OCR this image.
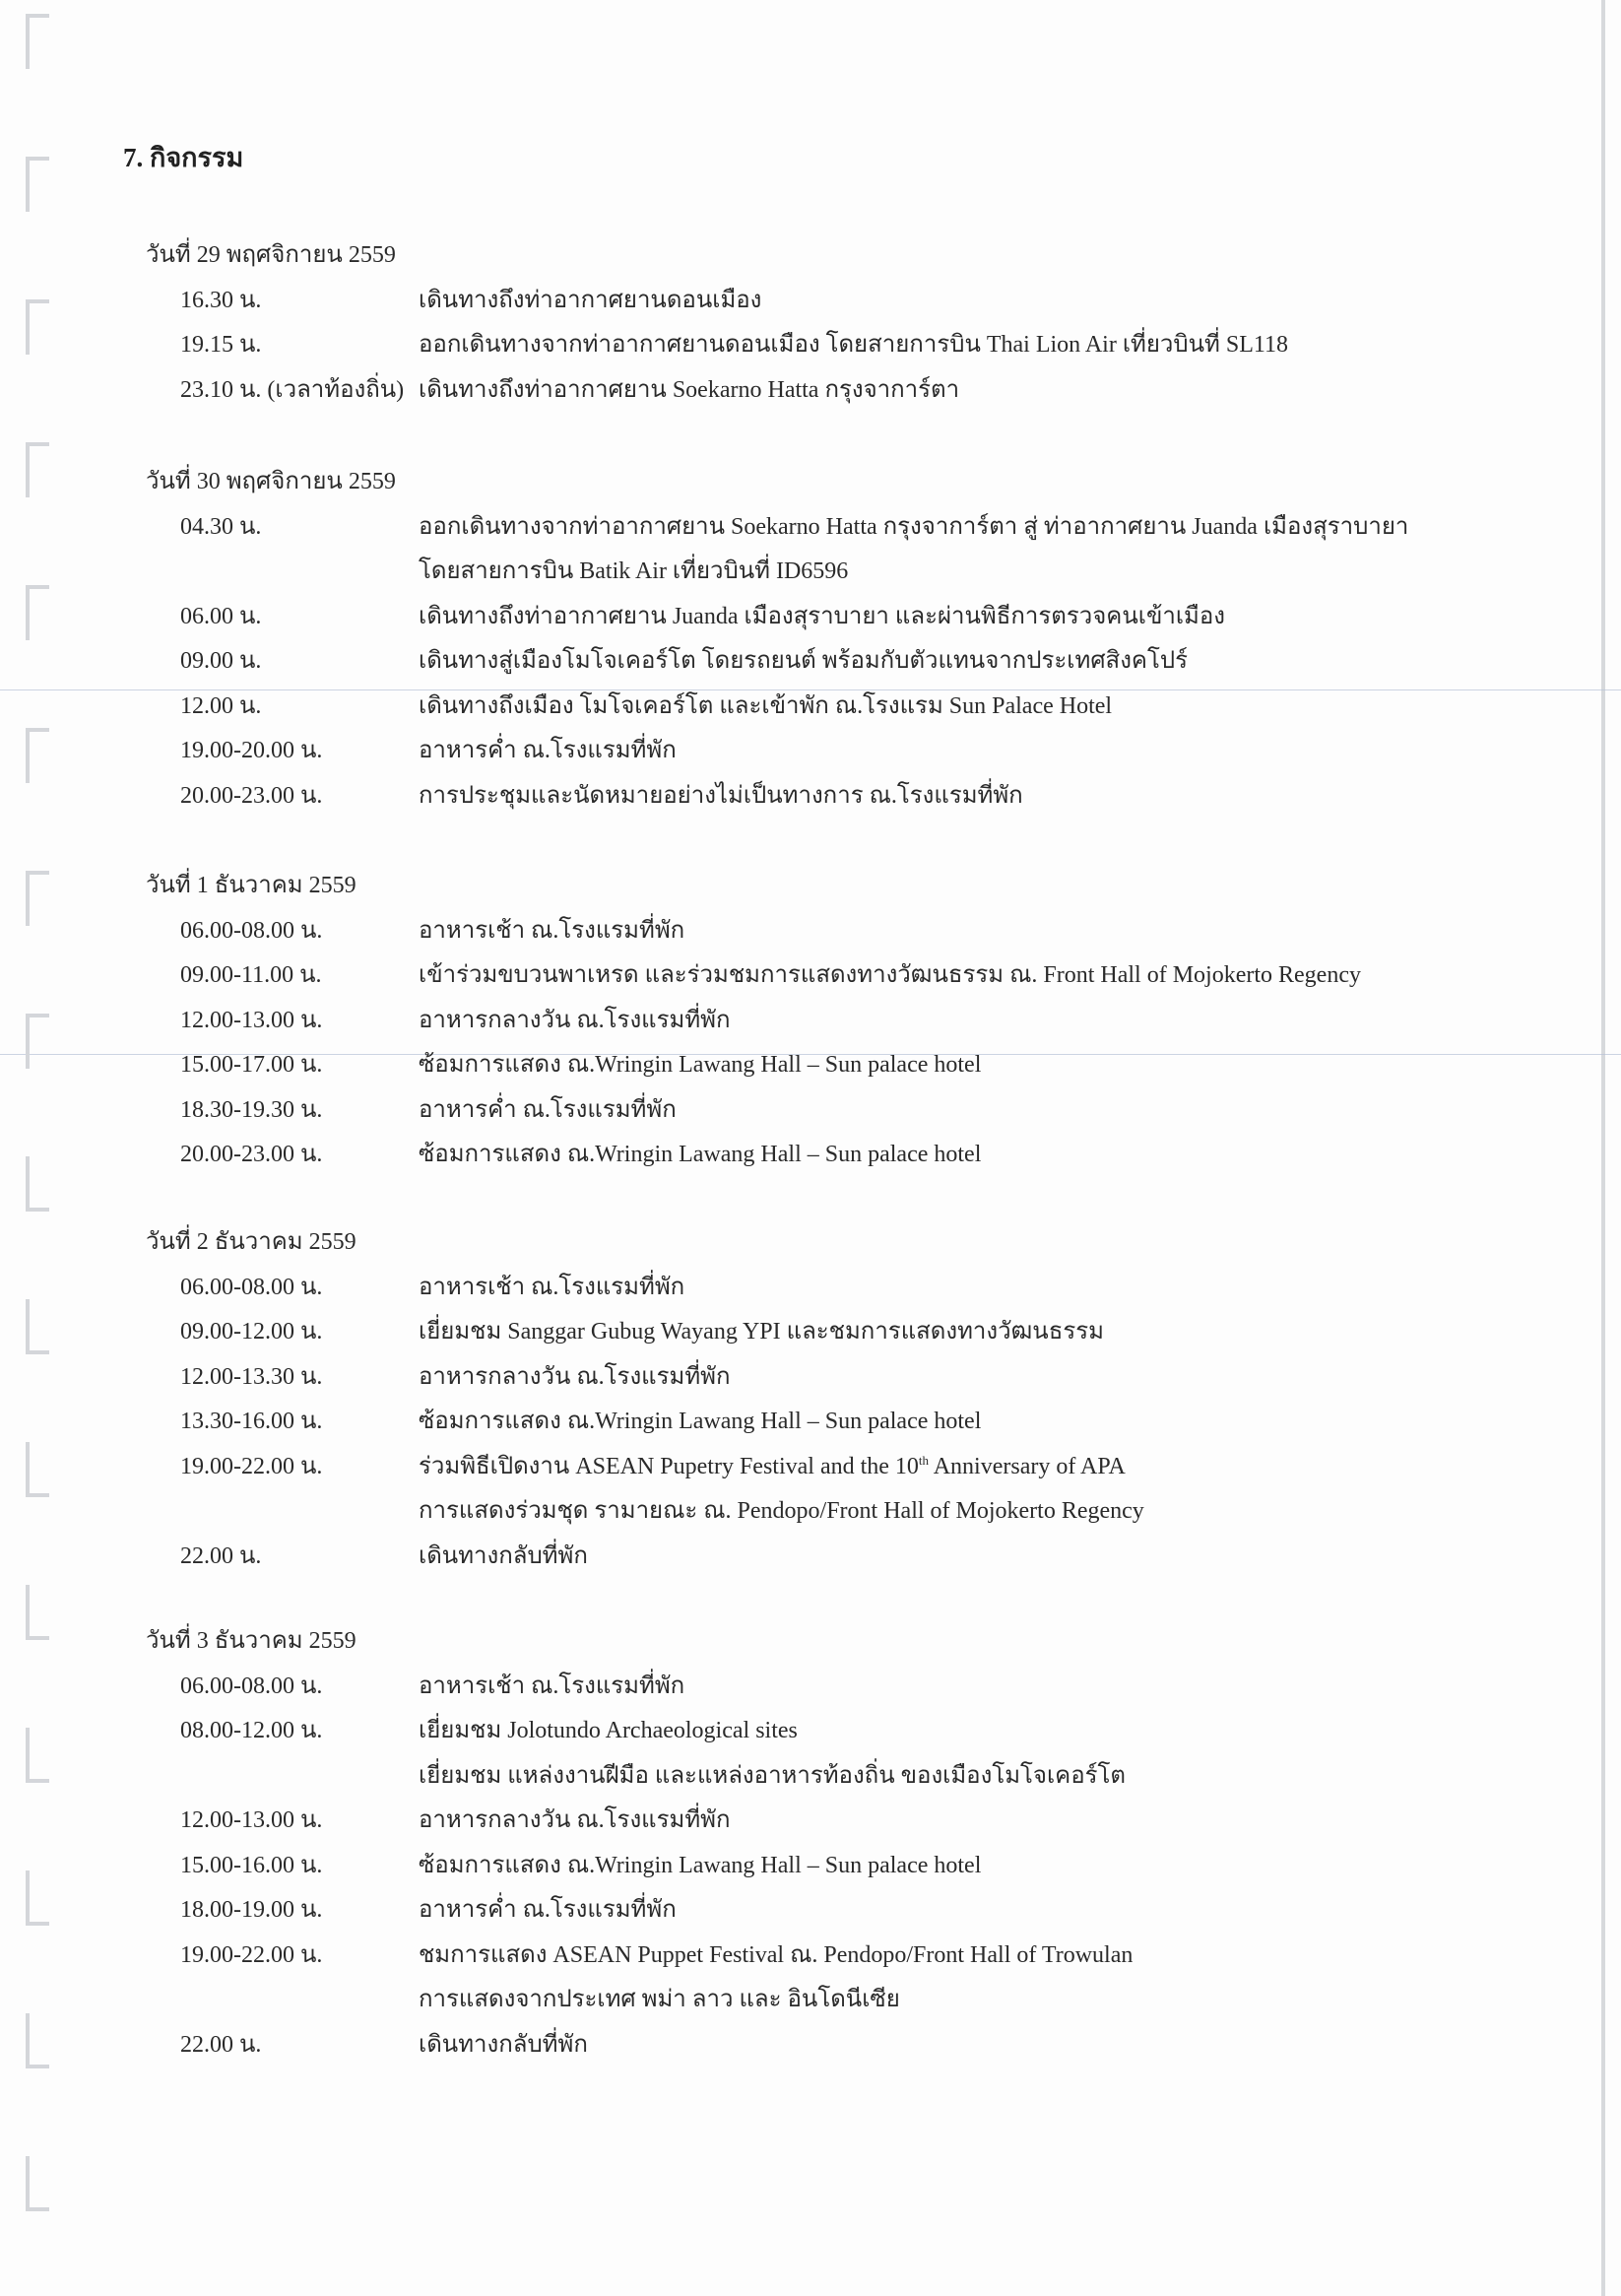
7. กิจกรรม
วันที่ 29 พฤศจิกายน 2559
16.30 น.	เดินทางถึงท่าอากาศยานดอนเมือง
19.15 น.	ออกเดินทางจากท่าอากาศยานดอนเมือง โดยสายการบิน Thai Lion Air เที่ยวบินที่ SL118
23.10 น. (เวลาท้องถิ่น) เดินทางถึงท่าอากาศยาน Soekarno Hatta กรุงจาการ์ตา
วันที่ 30 พฤศจิกายน 2559
04.30 น.	ออกเดินทางจากท่าอากาศยาน Soekarno Hatta กรุงจาการ์ตา สู่ ท่าอากาศยาน Juanda เมืองสุราบายา
โดยสายการบิน Batik Air เที่ยวบินที่ ID6596
06.00 น.	เดินทางถึงท่าอากาศยาน Juanda เมืองสุราบายา และผ่านพิธีการตรวจคนเข้าเมือง
09.00 น.	เดินทางสู่เมืองโมโจเคอร์โต โดยรถยนต์ พร้อมกับตัวแทนจากประเทศสิงคโปร์
12.00 น.	เดินทางถึงเมือง โมโจเคอร์โต และเข้าพัก ณ.โรงแรม Sun Palace Hotel
19.00-20.00 น.	อาหารค่ำ ณ.โรงแรมที่พัก
20.00-23.00 น.	การประชุมและนัดหมายอย่างไม่เป็นทางการ ณ.โรงแรมที่พัก
วันที่ 1 ธันวาคม 2559
06.00-08.00 น.	อาหารเช้า ณ.โรงแรมที่พัก
09.00-11.00 น.	เข้าร่วมขบวนพาเหรด และร่วมชมการแสดงทางวัฒนธรรม ณ. Front Hall of Mojokerto Regency
12.00-13.00 น.	อาหารกลางวัน ณ.โรงแรมที่พัก
15.00-17.00 น.	ซ้อมการแสดง ณ.Wringin Lawang Hall – Sun palace hotel
18.30-19.30 น.	อาหารค่ำ ณ.โรงแรมที่พัก
20.00-23.00 น.	ซ้อมการแสดง ณ.Wringin Lawang Hall – Sun palace hotel
วันที่ 2 ธันวาคม 2559
06.00-08.00 น.	อาหารเช้า ณ.โรงแรมที่พัก
09.00-12.00 น.	เยี่ยมชม Sanggar Gubug Wayang YPI และชมการแสดงทางวัฒนธรรม
12.00-13.30 น.	อาหารกลางวัน ณ.โรงแรมที่พัก
13.30-16.00 น.	ซ้อมการแสดง ณ.Wringin Lawang Hall – Sun palace hotel
19.00-22.00 น.	ร่วมพิธีเปิดงาน ASEAN Pupetry Festival and the 10th Anniversary of APA
การแสดงร่วมชุด รามายณะ ณ. Pendopo/Front Hall of Mojokerto Regency
22.00 น.	เดินทางกลับที่พัก
วันที่ 3 ธันวาคม 2559
06.00-08.00 น.	อาหารเช้า ณ.โรงแรมที่พัก
08.00-12.00 น.	เยี่ยมชม Jolotundo Archaeological sites
เยี่ยมชม แหล่งงานฝีมือ และแหล่งอาหารท้องถิ่น ของเมืองโมโจเคอร์โต
12.00-13.00 น.	อาหารกลางวัน ณ.โรงแรมที่พัก
15.00-16.00 น.	ซ้อมการแสดง ณ.Wringin Lawang Hall – Sun palace hotel
18.00-19.00 น.	อาหารค่ำ ณ.โรงแรมที่พัก
19.00-22.00 น.	ชมการแสดง ASEAN Puppet Festival ณ. Pendopo/Front Hall of Trowulan
การแสดงจากประเทศ พม่า ลาว และ อินโดนีเซีย
22.00 น.	เดินทางกลับที่พัก
